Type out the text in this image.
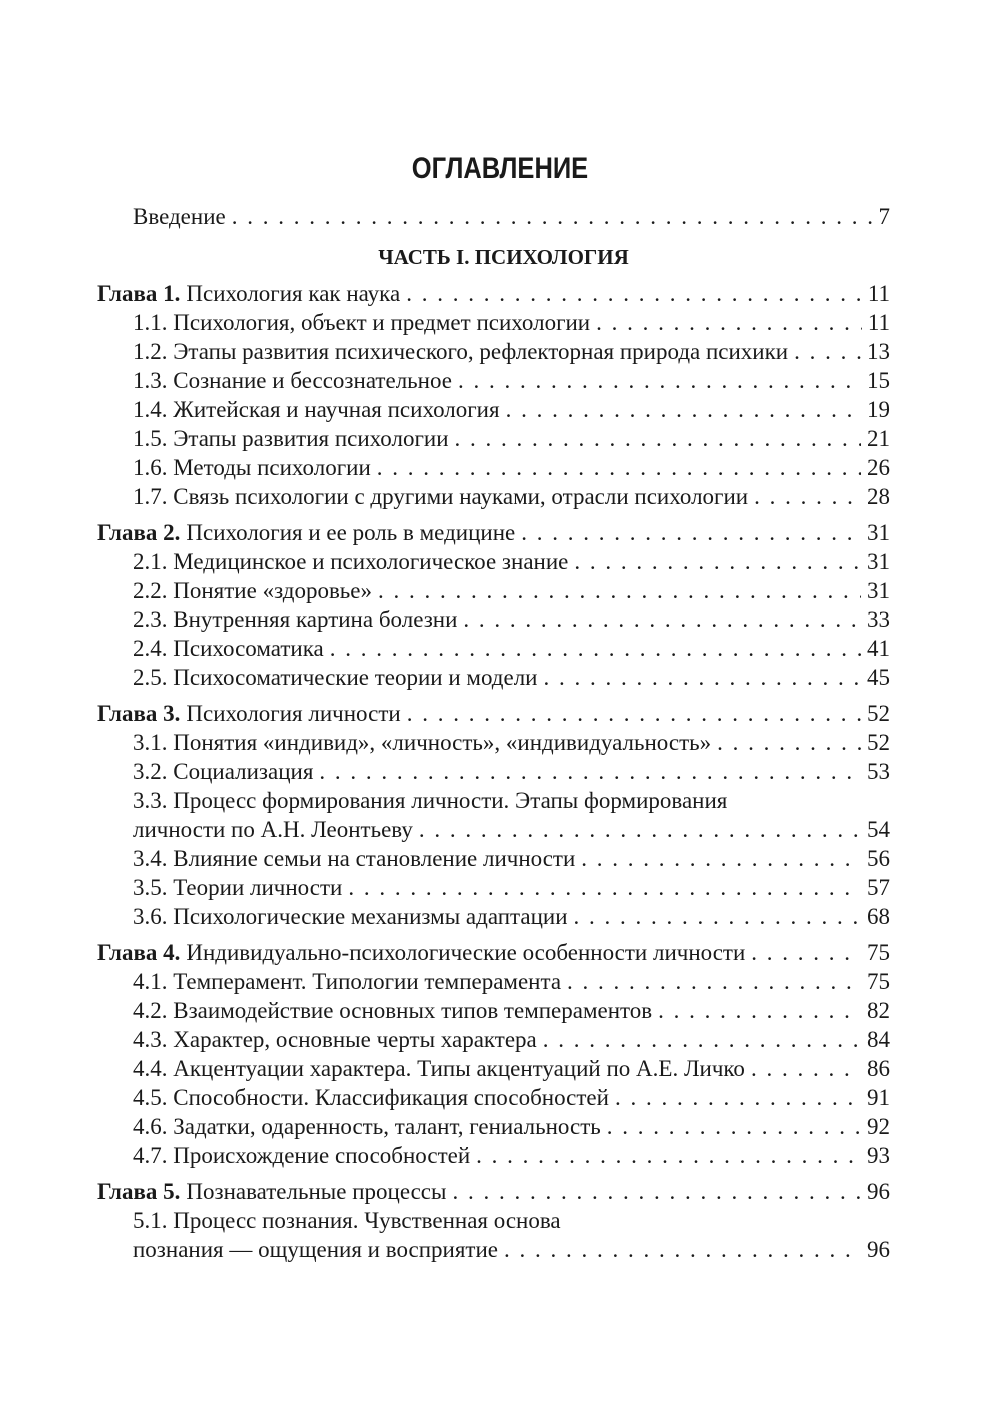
ОГЛАВЛЕНИЕ
Введение . . .	7
ЧАСТЬ I. ПСИХОЛОГИЯ
Глава 1. Психология как наука . . .	11
1.1. Психология, объект и предмет психологии . . .	11
1.2. Этапы развития психического, рефлекторная природа психики . . .	13
1.3. Сознание и бессознательное . . .	15
1.4. Житейская и научная психология . . .	19
1.5. Этапы развития психологии . . .	21
1.6. Методы психологии . . .	26
1.7. Связь психологии с другими науками, отрасли психологии . . .	28
Глава 2. Психология и ее роль в медицине . . .	31
2.1. Медицинское и психологическое знание . . .	31
2.2. Понятие «здоровье» . . .	31
2.3. Внутренняя картина болезни . . .	33
2.4. Психосоматика . . .	41
2.5. Психосоматические теории и модели . . .	45
Глава 3. Психология личности . . .	52
3.1. Понятия «индивид», «личность», «индивидуальность» . . .	52
3.2. Социализация . . .	53
3.3. Процесс формирования личности. Этапы формирования
личности по А.Н. Леонтьеву . . .	54
3.4. Влияние семьи на становление личности . . .	56
3.5. Теории личности . . .	57
3.6. Психологические механизмы адаптации . . .	68
Глава 4. Индивидуально-психологические особенности личности . . .	75
4.1. Темперамент. Типологии темперамента . . .	75
4.2. Взаимодействие основных типов темпераментов . . .	82
4.3. Характер, основные черты характера . . .	84
4.4. Акцентуации характера. Типы акцентуаций по А.Е. Личко . . .	86
4.5. Способности. Классификация способностей . . .	91
4.6. Задатки, одаренность, талант, гениальность . . .	92
4.7. Происхождение способностей . . .	93
Глава 5. Познавательные процессы . . .	96
5.1. Процесс познания. Чувственная основа
познания — ощущения и восприятие . . .	96
